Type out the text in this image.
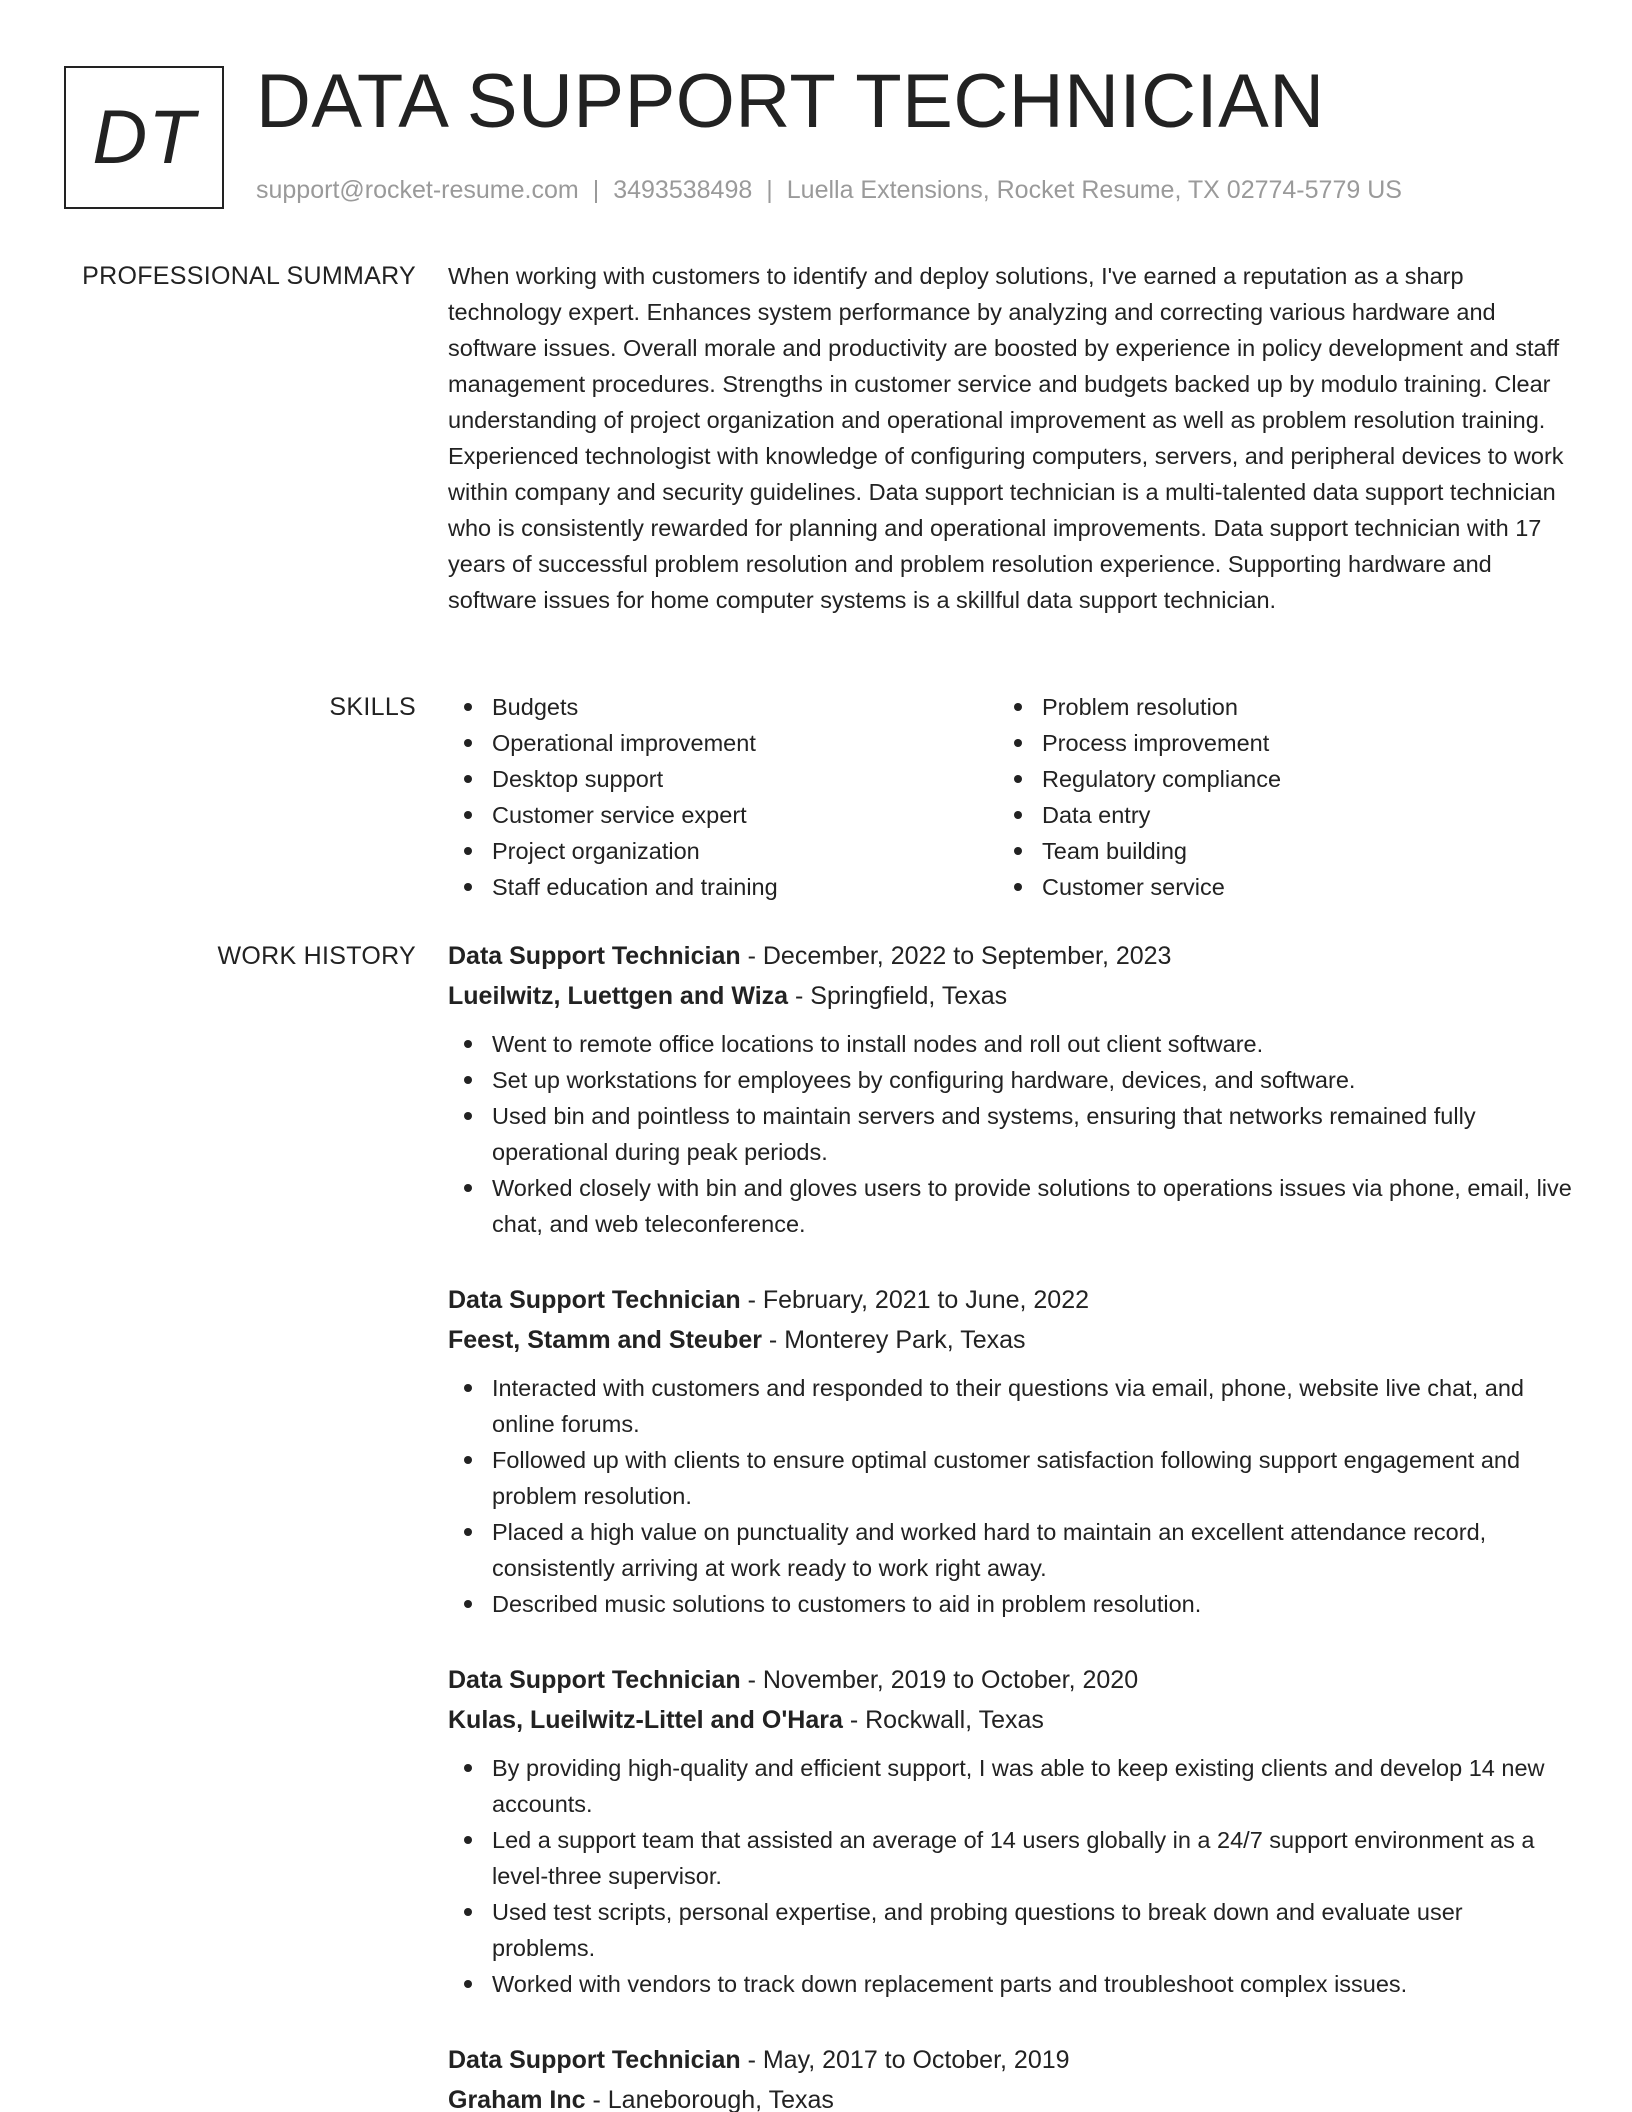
DT DATA SUPPORT TECHNICIAN
support@rocket-resume.com | 3493538498 | Luella Extensions, Rocket Resume, TX 02774-5779 US
PROFESSIONAL SUMMARY When working with customers to identify and deploy solutions, I've earned a reputation as a sharp technology expert. Enhances system performance by analyzing and correcting various hardware and software issues. Overall morale and productivity are boosted by experience in policy development and staff management procedures. Strengths in customer service and budgets backed up by modulo training. Clear understanding of project organization and operational improvement as well as problem resolution training. Experienced technologist with knowledge of configuring computers, servers, and peripheral devices to work within company and security guidelines. Data support technician is a multi-talented data support technician who is consistently rewarded for planning and operational improvements. Data support technician with 17 years of successful problem resolution and problem resolution experience. Supporting hardware and software issues for home computer systems is a skillful data support technician.
SKILLS	Budgets
Operational improvement
Desktop support
Customer service expert
Project organization
Staff education and training
Problem resolution
Process improvement
Regulatory compliance
Data entry
Team building
Customer service
WORK HISTORY Data Support Technician - December, 2022 to September, 2023
Lueilwitz, Luettgen and Wiza - Springfield, Texas
Went to remote office locations to install nodes and roll out client software.
Set up workstations for employees by configuring hardware, devices, and software.
Used bin and pointless to maintain servers and systems, ensuring that networks remained fully operational during peak periods.
Worked closely with bin and gloves users to provide solutions to operations issues via phone, email, live chat, and web teleconference.
Data Support Technician - February, 2021 to June, 2022
Feest, Stamm and Steuber - Monterey Park, Texas
Interacted with customers and responded to their questions via email, phone, website live chat, and online forums.
Followed up with clients to ensure optimal customer satisfaction following support engagement and problem resolution.
Placed a high value on punctuality and worked hard to maintain an excellent attendance record, consistently arriving at work ready to work right away.
Described music solutions to customers to aid in problem resolution.
Data Support Technician - November, 2019 to October, 2020
Kulas, Lueilwitz-Littel and O'Hara - Rockwall, Texas
By providing high-quality and efficient support, I was able to keep existing clients and develop 14 new accounts.
Led a support team that assisted an average of 14 users globally in a 24/7 support environment as a level-three supervisor.
Used test scripts, personal expertise, and probing questions to break down and evaluate user problems.
Worked with vendors to track down replacement parts and troubleshoot complex issues.
Data Support Technician - May, 2017 to October, 2019
Graham Inc - Laneborough, Texas
